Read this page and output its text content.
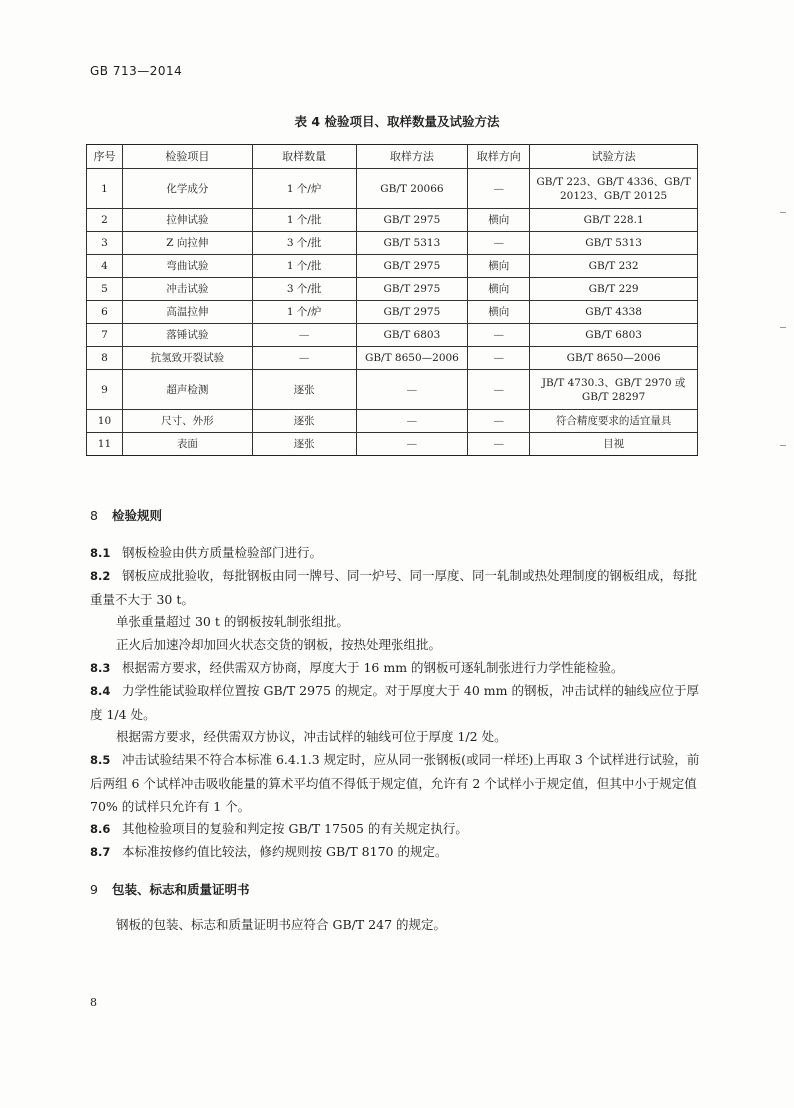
GB 713—2014
表 4 检验项目、取样数量及试验方法
序号	检验项目	取样数量	取样方法	取样方向	试验方法
1	化学成分	1 个/炉	GB/T 20066	—	GB/T 223、GB/T 4336、GB/T 20123、GB/T 20125
2	拉伸试验	1 个/批	GB/T 2975	横向	GB/T 228.1
3	Z 向拉伸	3 个/批	GB/T 5313	—	GB/T 5313
4	弯曲试验	1 个/批	GB/T 2975	横向	GB/T 232
5	冲击试验	3 个/批	GB/T 2975	横向	GB/T 229
6	高温拉伸	1 个/炉	GB/T 2975	横向	GB/T 4338
7	落锤试验	—	GB/T 6803	—	GB/T 6803
8	抗氢致开裂试验	—	GB/T 8650—2006	—	GB/T 8650—2006
9	超声检测	逐张	—	—	JB/T 4730.3、GB/T 2970 或 GB/T 28297
10	尺寸、外形	逐张	—	—	符合精度要求的适宜量具
11	表面	逐张	—	—	目视
8 检验规则
8.1 钢板检验由供方质量检验部门进行。
8.2 钢板应成批验收，每批钢板由同一牌号、同一炉号、同一厚度、同一轧制或热处理制度的钢板组成，每批重量不大于 30 t。
单张重量超过 30 t 的钢板按轧制张组批。
正火后加速冷却加回火状态交货的钢板，按热处理张组批。
8.3 根据需方要求，经供需双方协商，厚度大于 16 mm 的钢板可逐轧制张进行力学性能检验。
8.4 力学性能试验取样位置按 GB/T 2975 的规定。对于厚度大于 40 mm 的钢板，冲击试样的轴线应位于厚度 1/4 处。
根据需方要求，经供需双方协议，冲击试样的轴线可位于厚度 1/2 处。
8.5 冲击试验结果不符合本标准 6.4.1.3 规定时，应从同一张钢板(或同一样坯)上再取 3 个试样进行试验，前后两组 6 个试样冲击吸收能量的算术平均值不得低于规定值，允许有 2 个试样小于规定值，但其中小于规定值 70% 的试样只允许有 1 个。
8.6 其他检验项目的复验和判定按 GB/T 17505 的有关规定执行。
8.7 本标准按修约值比较法，修约规则按 GB/T 8170 的规定。
9 包装、标志和质量证明书
钢板的包装、标志和质量证明书应符合 GB/T 247 的规定。
8
